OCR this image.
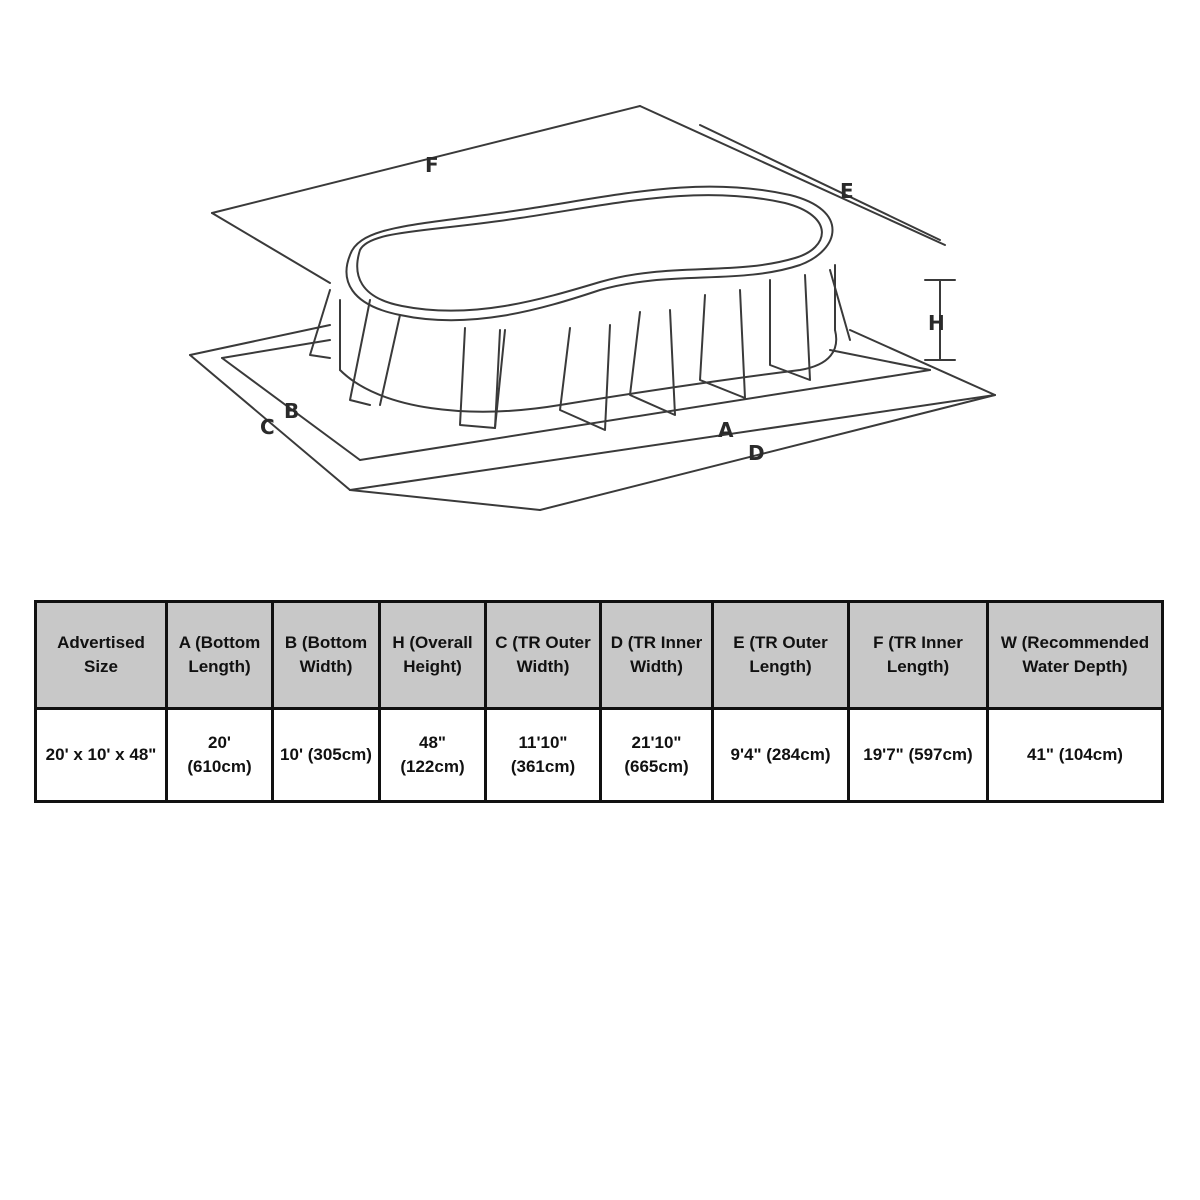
F
E
H
B
C	A
D
Advertised Size	A (Bottom Length)	B (Bottom Width)	H (Overall Height)	C (TR Outer Width)	D (TR Inner Width)	E (TR Outer Length)	F (TR Inner Length)	W (Recommended Water Depth)
20' x 10' x 48"	20' (610cm)	10' (305cm)	48" (122cm)	11'10" (361cm)	21'10" (665cm)	9'4" (284cm)	19'7" (597cm)	41" (104cm)
